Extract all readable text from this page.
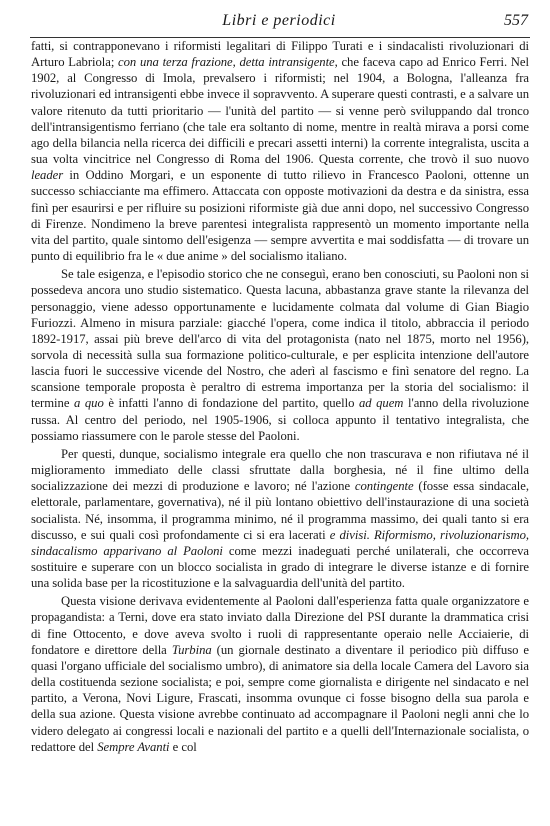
Libri e periodici	557

fatti, si contrapponevano i riformisti legalitari di Filippo Turati e i sindacalisti rivoluzionari di Arturo Labriola; con una terza frazione, detta intransigente, che faceva capo ad Enrico Ferri. Nel 1902, al Congresso di Imola, prevalsero i riformisti; nel 1904, a Bologna, l'alleanza fra rivoluzionari ed intransigenti ebbe invece il sopravvento. A superare questi contrasti, e a salvare un valore ritenuto da tutti prioritario — l'unità del partito — si venne però sviluppando dal tronco dell'intransigentismo ferriano (che tale era soltanto di nome, mentre in realtà mirava a porsi come ago della bilancia nella ricerca dei difficili e precari assetti interni) la corrente integralista, uscita a sua volta vincitrice nel Congresso di Roma del 1906. Questa corrente, che trovò il suo nuovo leader in Oddino Morgari, e un esponente di tutto rilievo in Francesco Paoloni, ottenne un successo schiacciante ma effimero. Attaccata con opposte motivazioni da destra e da sinistra, essa finì per esaurirsi e per rifluire su posizioni riformiste già due anni dopo, nel successivo Congresso di Firenze. Nondimeno la breve parentesi integralista rappresentò un momento importante nella vita del partito, quale sintomo dell'esigenza — sempre avvertita e mai soddisfatta — di trovare un punto di equilibrio fra le « due anime » del socialismo italiano.

Se tale esigenza, e l'episodio storico che ne conseguì, erano ben conosciuti, su Paoloni non si possedeva ancora uno studio sistematico. Questa lacuna, abbastanza grave stante la rilevanza del personaggio, viene adesso opportunamente e lucidamente colmata dal volume di Gian Biagio Furiozzi. Almeno in misura parziale: giacché l'opera, come indica il titolo, abbraccia il periodo 1892-1917, assai più breve dell'arco di vita del protagonista (nato nel 1875, morto nel 1956), sorvola di necessità sulla sua formazione politico-culturale, e per esplicita intenzione dell'autore lascia fuori le successive vicende del Nostro, che aderì al fascismo e finì senatore del regno. La scansione temporale proposta è peraltro di estrema importanza per la storia del socialismo: il termine a quo è infatti l'anno di fondazione del partito, quello ad quem l'anno della rivoluzione russa. Al centro del periodo, nel 1905-1906, si colloca appunto il tentativo integralista, che possiamo riassumere con le parole stesse del Paoloni.

Per questi, dunque, socialismo integrale era quello che non trascurava e non rifiutava né il miglioramento immediato delle classi sfruttate dalla borghesia, né il fine ultimo della socializzazione dei mezzi di produzione e lavoro; né l'azione contingente (fosse essa sindacale, elettorale, parlamentare, governativa), né il più lontano obiettivo dell'instaurazione di una società socialista. Né, insomma, il programma minimo, né il programma massimo, dei quali tanto si era discusso, e sui quali così profondamente ci si era lacerati e divisi. Riformismo, rivoluzionarismo, sindacalismo apparivano al Paoloni come mezzi inadeguati perché unilaterali, che occorreva sostituire e superare con un blocco socialista in grado di integrare le diverse istanze e di fornire una solida base per la ricostituzione e la salvaguardia dell'unità del partito.

Questa visione derivava evidentemente al Paoloni dall'esperienza fatta quale organizzatore e propagandista: a Terni, dove era stato inviato dalla Direzione del PSI durante la drammatica crisi di fine Ottocento, e dove aveva svolto i ruoli di rappresentante operaio nelle Acciaierie, di fondatore e direttore della Turbina (un giornale destinato a diventare il periodico più diffuso e quasi l'organo ufficiale del socialismo umbro), di animatore sia della locale Camera del Lavoro sia della costituenda sezione socialista; e poi, sempre come giornalista e dirigente nel sindacato e nel partito, a Verona, Novi Ligure, Frascati, insomma ovunque ci fosse bisogno della sua parola e della sua azione. Questa visione avrebbe continuato ad accompagnare il Paoloni negli anni che lo videro delegato ai congressi locali e nazionali del partito e a quelli dell'Internazionale socialista, o redattore del Sempre Avanti e col
